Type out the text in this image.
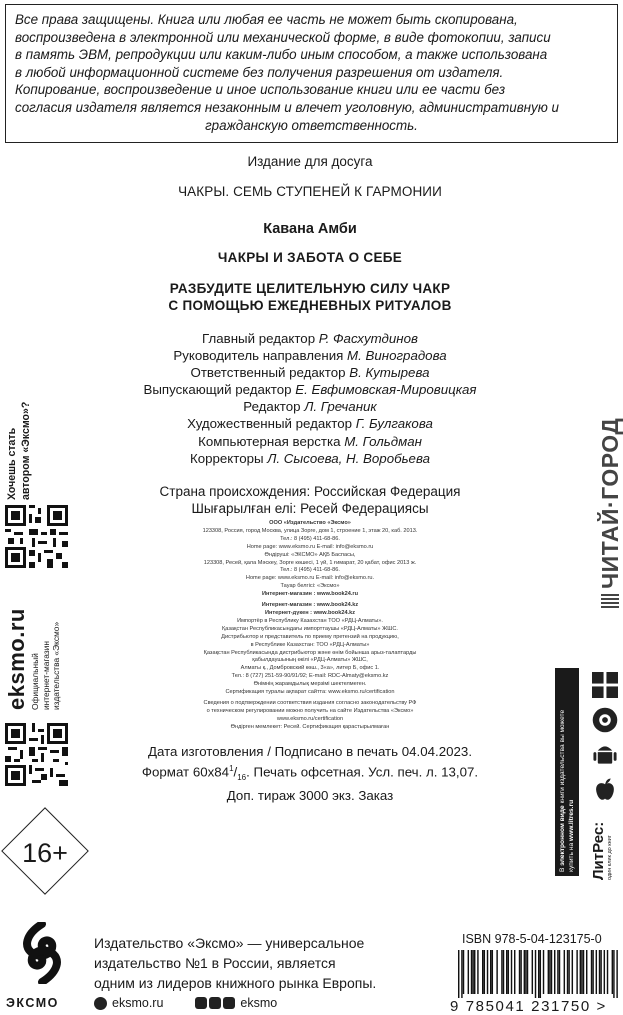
Все права защищены. Книга или любая ее часть не может быть скопирована,
воспроизведена в электронной или механической форме, в виде фотокопии, записи
в память ЭВМ, репродукции или каким-либо иным способом, а также использована
в любой информационной системе без получения разрешения от издателя.
Копирование, воспроизведение и иное использование книги или ее части без
согласия издателя является незаконным и влечет уголовную, административную и
гражданскую ответственность.
Издание для досуга
ЧАКРЫ. СЕМЬ СТУПЕНЕЙ К ГАРМОНИИ
Кавана Амби
ЧАКРЫ И ЗАБОТА О СЕБЕ
РАЗБУДИТЕ ЦЕЛИТЕЛЬНУЮ СИЛУ ЧАКР
С ПОМОЩЬЮ ЕЖЕДНЕВНЫХ РИТУАЛОВ
Главный редактор Р. Фасхутдинов
Руководитель направления М. Виноградова
Ответственный редактор В. Кутырева
Выпускающий редактор Е. Евфимовская-Мировицкая
Редактор Л. Гречаник
Художественный редактор Г. Булгакова
Компьютерная верстка М. Гольдман
Корректоры Л. Сысоева, Н. Воробьева
Страна происхождения: Российская Федерация
Шығарылған елі: Ресей Федерациясы
ООО «Издательство «Эксмо»
123308, Россия, город Москва, улица Зорге, дом 1, строение 1, этаж 20, каб. 2013.
Тел.: 8 (495) 411-68-86.
Home page: www.eksmo.ru E-mail: info@eksmo.ru
Өндіруші: «ЭКСМО» АҚБ Баспасы,
123308, Ресей, қала Мәскеу, Зорге көшесі, 1 үй, 1 ғимарат, 20 қабат, офис 2013 ж.
Тел.: 8 (495) 411-68-86.
Home page: www.eksmo.ru E-mail: info@eksmo.ru.
Тауар белгісі: «Эксмо»
Интернет-магазин : www.book24.ru
Интернет-магазин : www.book24.kz
Интернет-дүкен : www.book24.kz
Импортёр в Республику Казахстан ТОО «РДЦ-Алматы».
Қазақстан Республикасындағы импорттаушы «РДЦ-Алматы» ЖШС.
Дистрибьютор и представитель по приему претензий на продукцию,
в Республике Казахстан: ТОО «РДЦ-Алматы»
Қазақстан Республикасында дистрибьютор және өнім бойынша арыз-талаптарды
қабылдаушының өкілі «РДЦ-Алматы» ЖШС,
Алматы қ., Домбровский көш., 3«а», литер Б, офис 1.
Тел.: 8 (727) 251-59-90/91/92; E-mail: RDC-Almaty@eksmo.kz
Өнімнің жарамдылық мерзімі шектелмеген.
Сертификация туралы ақпарат сайтта: www.eksmo.ru/certification
Сведения о подтверждении соответствия издания согласно законодательству РФ
о техническом регулировании можно получить на сайте Издательства «Эксмо»
www.eksmo.ru/certification
Өндірген мемлекет: Ресей. Сертификация қарастырылмаған
Дата изготовления / Подписано в печать 04.04.2023.
Формат $60х84^1/_{16}$. Печать офсетная. Усл. печ. л. 13,07.
Доп. тираж 3000 экз. Заказ
Хочешь стать автором «Эксмо»?
eksmo.ru Официальный интернет-магазин издательства «Эксмо»
16+
ЭКСМО
Издательство «Эксмо» — универсальное
издательство №1 в России, является
одним из лидеров книжного рынка Европы.
eksmo.ru	eksmo
ISBN 978-5-04-123175-0
9 785041 231750 >
ЧИТАЙ·ГОРОД
В электронном виде книги издательства вы можете
купить на www.litres.ru
ЛитРес: один клик до книг
